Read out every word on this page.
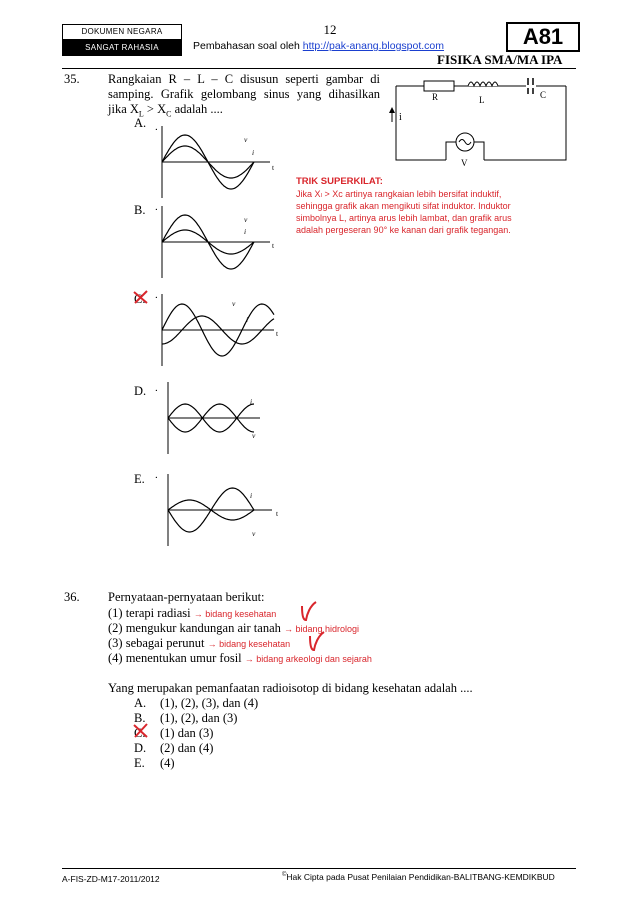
DOKUMEN NEGARA
SANGAT RAHASIA
12
Pembahasan soal oleh http://pak-anang.blogspot.com	A81
FISIKA SMA/MA IPA
35. Rangkaian R – L – C disusun seperti gambar di
samping. Grafik gelombang sinus yang dihasilkan
jika $X_L > X_C$ adalah ....
i
R	L	C
V
TRIK SUPERKILAT:
Jika Xₗ > Xᴄ artinya rangkaian lebih bersifat induktif,
sehingga grafik akan mengikuti sifat induktor. Induktor
simbolnya L, artinya arus lebih lambat, dan grafik arus
adalah pergeseran 90° ke kanan dari grafik tegangan.
A. .
v
i
t
B. .
v
i
t
C. .
v
i
t
D. .
v
i
E. .
v
i
t
36. Pernyataan-pernyataan berikut:
(1) terapi radiasi → bidang kesehatan
(2) mengukur kandungan air tanah → bidang hidrologi
(3) sebagai perunut → bidang kesehatan
(4) menentukan umur fosil → bidang arkeologi dan sejarah
Yang merupakan pemanfaatan radioisotop di bidang kesehatan adalah ....
A. (1), (2), (3), dan (4)
B. (1), (2), dan (3)
C. (1) dan (3)
D. (2) dan (4)
E. (4)
A-FIS-ZD-M17-2011/2012	©Hak Cipta pada Pusat Penilaian Pendidikan-BALITBANG-KEMDIKBUD
